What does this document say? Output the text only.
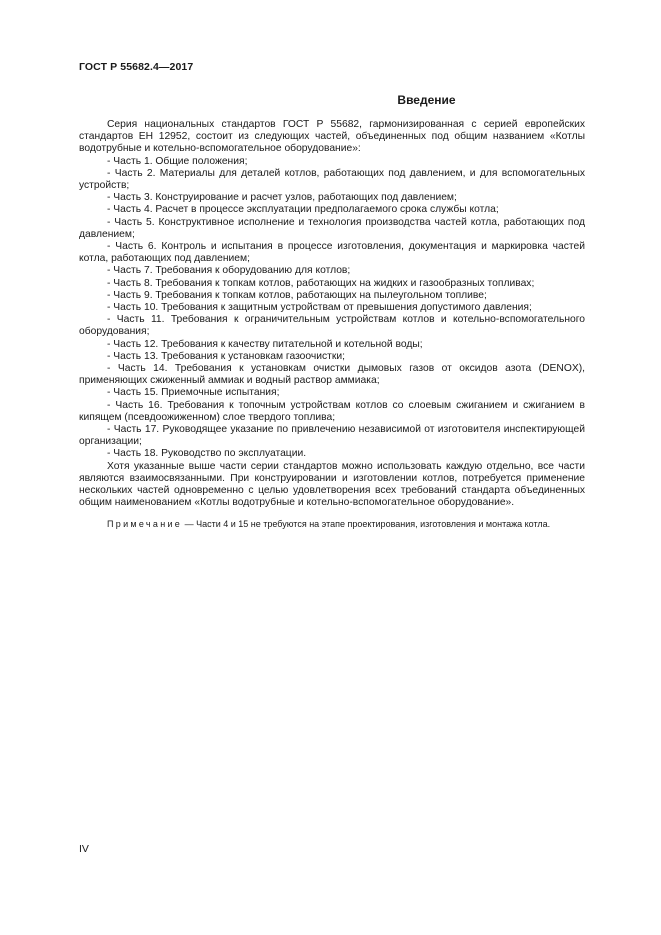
ГОСТ Р 55682.4—2017
Введение

Серия национальных стандартов ГОСТ Р 55682, гармонизированная с серией европейских стандартов ЕН 12952, состоит из следующих частей, объединенных под общим названием «Котлы водотрубные и котельно-вспомогательное оборудование»:

- Часть 1. Общие положения;

- Часть 2. Материалы для деталей котлов, работающих под давлением, и для вспомогательных устройств;

- Часть 3. Конструирование и расчет узлов, работающих под давлением;

- Часть 4. Расчет в процессе эксплуатации предполагаемого срока службы котла;

- Часть 5. Конструктивное исполнение и технология производства частей котла, работающих под давлением;

- Часть 6. Контроль и испытания в процессе изготовления, документация и маркировка частей котла, работающих под давлением;

- Часть 7. Требования к оборудованию для котлов;

- Часть 8. Требования к топкам котлов, работающих на жидких и газообразных топливах;

- Часть 9. Требования к топкам котлов, работающих на пылеугольном топливе;

- Часть 10. Требования к защитным устройствам от превышения допустимого давления;

- Часть 11. Требования к ограничительным устройствам котлов и котельно-вспомогательного оборудования;

- Часть 12. Требования к качеству питательной и котельной воды;

- Часть 13. Требования к установкам газоочистки;

- Часть 14. Требования к установкам очистки дымовых газов от оксидов азота (DENOX), применяющих сжиженный аммиак и водный раствор аммиака;

- Часть 15. Приемочные испытания;

- Часть 16. Требования к топочным устройствам котлов со слоевым сжиганием и сжиганием в кипящем (псевдоожиженном) слое твердого топлива;

- Часть 17. Руководящее указание по привлечению независимой от изготовителя инспектирующей организации;

- Часть 18. Руководство по эксплуатации.

Хотя указанные выше части серии стандартов можно использовать каждую отдельно, все части являются взаимосвязанными. При конструировании и изготовлении котлов, потребуется применение нескольких частей одновременно с целью удовлетворения всех требований стандарта объединенных общим наименованием «Котлы водотрубные и котельно-вспомогательное оборудование».

Примечание — Части 4 и 15 не требуются на этапе проектирования, изготовления и монтажа котла.

IV
